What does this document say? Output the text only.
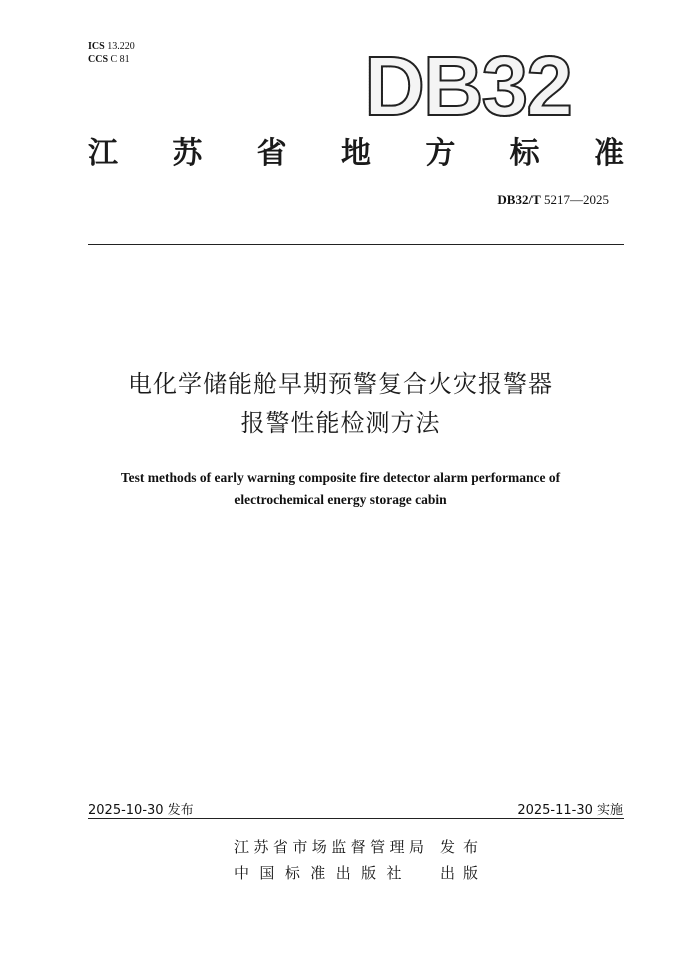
ICS 13.220
CCS C 81	DB32
江 苏 省 地 方 标 准
DB32/T 5217—2025
电化学储能舱早期预警复合火灾报警器
报警性能检测方法
Test methods of early warning composite fire detector alarm performance of
electrochemical energy storage cabin
2025-10-30 发布	2025-11-30 实施
江 苏 省 市 场 监 督 管 理 局 发布
中 国 标 准 出 版 社	出版
